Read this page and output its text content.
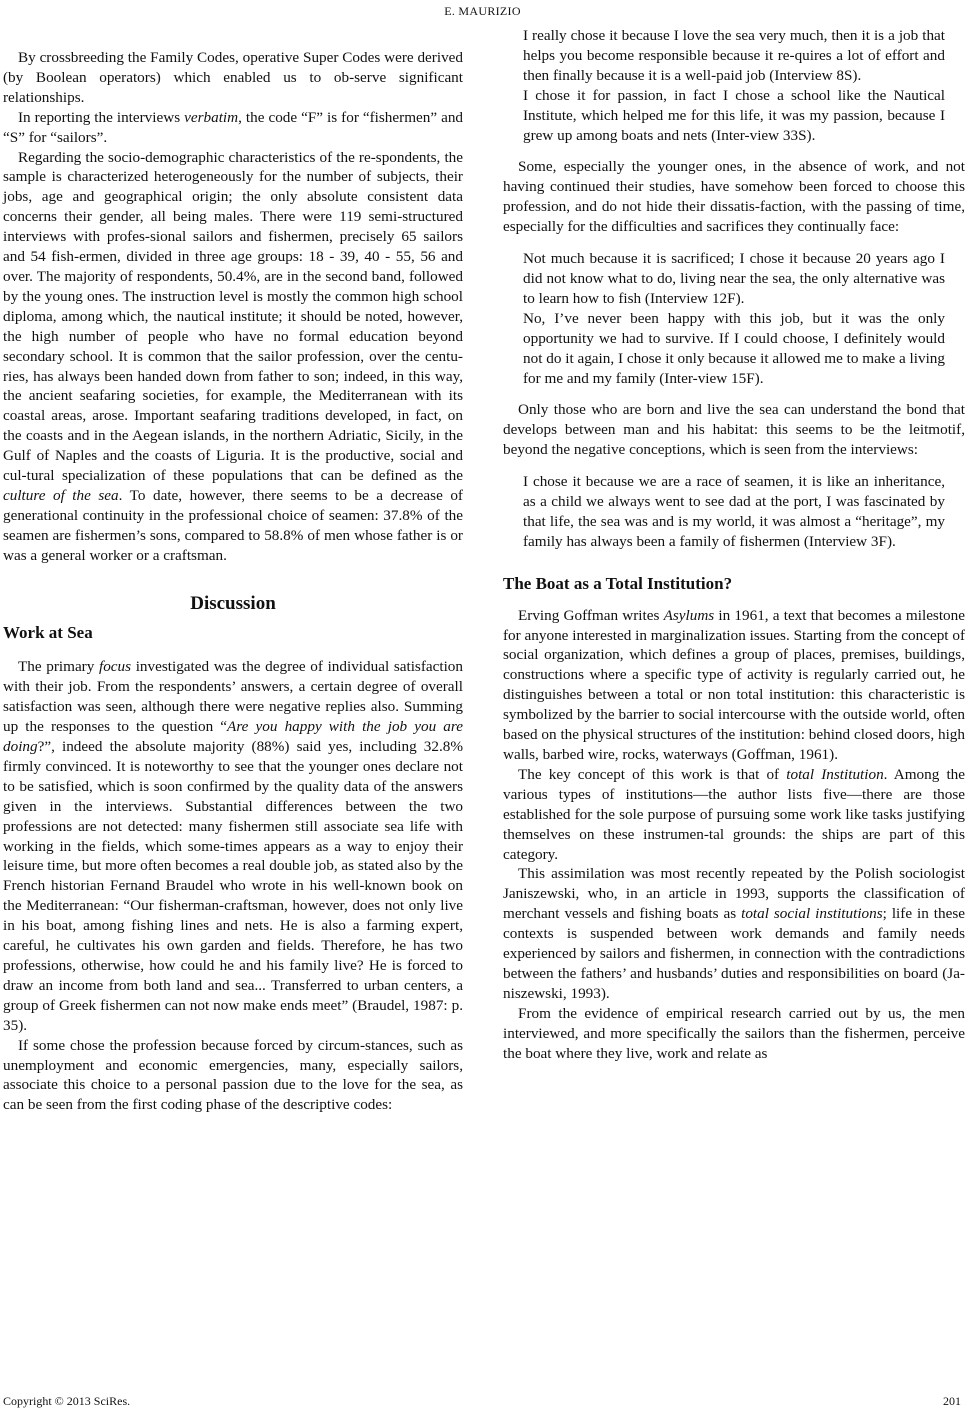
E. MAURIZIO

By crossbreeding the Family Codes, operative Super Codes were derived (by Boolean operators) which enabled us to ob-serve significant relationships.

In reporting the interviews verbatim, the code “F” is for “fishermen” and “S” for “sailors”.

Regarding the socio-demographic characteristics of the re-spondents, the sample is characterized heterogeneously for the number of subjects, their jobs, age and geographical origin; the only absolute consistent data concerns their gender, all being males. There were 119 semi-structured interviews with profes-sional sailors and fishermen, precisely 65 sailors and 54 fish-ermen, divided in three age groups: 18 - 39, 40 - 55, 56 and over. The majority of respondents, 50.4%, are in the second band, followed by the young ones. The instruction level is mostly the common high school diploma, among which, the nautical institute; it should be noted, however, the high number of people who have no formal education beyond secondary school. It is common that the sailor profession, over the centu-ries, has always been handed down from father to son; indeed, in this way, the ancient seafaring societies, for example, the Mediterranean with its coastal areas, arose. Important seafaring traditions developed, in fact, on the coasts and in the Aegean islands, in the northern Adriatic, Sicily, in the Gulf of Naples and the coasts of Liguria. It is the productive, social and cul-tural specialization of these populations that can be defined as the culture of the sea. To date, however, there seems to be a decrease of generational continuity in the professional choice of seamen: 37.8% of the seamen are fishermen’s sons, compared to 58.8% of men whose father is or was a general worker or a craftsman.

Discussion
Work at Sea

The primary focus investigated was the degree of individual satisfaction with their job. From the respondents’ answers, a certain degree of overall satisfaction was seen, although there were negative replies also. Summing up the responses to the question “Are you happy with the job you are doing?”, indeed the absolute majority (88%) said yes, including 32.8% firmly convinced. It is noteworthy to see that the younger ones declare not to be satisfied, which is soon confirmed by the quality data of the answers given in the interviews. Substantial differences between the two professions are not detected: many fishermen still associate sea life with working in the fields, which some-times appears as a way to enjoy their leisure time, but more often becomes a real double job, as stated also by the French historian Fernand Braudel who wrote in his well-known book on the Mediterranean: “Our fisherman-craftsman, however, does not only live in his boat, among fishing lines and nets. He is also a farming expert, careful, he cultivates his own garden and fields. Therefore, he has two professions, otherwise, how could he and his family live? He is forced to draw an income from both land and sea... Transferred to urban centers, a group of Greek fishermen can not now make ends meet” (Braudel, 1987: p. 35).

If some chose the profession because forced by circum-stances, such as unemployment and economic emergencies, many, especially sailors, associate this choice to a personal passion due to the love for the sea, as can be seen from the first coding phase of the descriptive codes:

I really chose it because I love the sea very much, then it is a job that helps you become responsible because it re-quires a lot of effort and then finally because it is a well-paid job (Interview 8S).

I chose it for passion, in fact I chose a school like the Nautical Institute, which helped me for this life, it was my passion, because I grew up among boats and nets (Inter-view 33S).

Some, especially the younger ones, in the absence of work, and not having continued their studies, have somehow been forced to choose this profession, and do not hide their dissatis-faction, with the passing of time, especially for the difficulties and sacrifices they continually face:

Not much because it is sacrificed; I chose it because 20 years ago I did not know what to do, living near the sea, the only alternative was to learn how to fish (Interview 12F).

No, I’ve never been happy with this job, but it was the only opportunity we had to survive. If I could choose, I definitely would not do it again, I chose it only because it allowed me to make a living for me and my family (Inter-view 15F).

Only those who are born and live the sea can understand the bond that develops between man and his habitat: this seems to be the leitmotif, beyond the negative conceptions, which is seen from the interviews:

I chose it because we are a race of seamen, it is like an inheritance, as a child we always went to see dad at the port, I was fascinated by that life, the sea was and is my world, it was almost a “heritage”, my family has always been a family of fishermen (Interview 3F).

The Boat as a Total Institution?

Erving Goffman writes Asylums in 1961, a text that becomes a milestone for anyone interested in marginalization issues. Starting from the concept of social organization, which defines a group of places, premises, buildings, constructions where a specific type of activity is regularly carried out, he distinguishes between a total or non total institution: this characteristic is symbolized by the barrier to social intercourse with the outside world, often based on the physical structures of the institution: behind closed doors, high walls, barbed wire, rocks, waterways (Goffman, 1961).

The key concept of this work is that of total Institution. Among the various types of institutions—the author lists five—there are those established for the sole purpose of pursuing some work like tasks justifying themselves on these instrumen-tal grounds: the ships are part of this category.

This assimilation was most recently repeated by the Polish sociologist Janiszewski, who, in an article in 1993, supports the classification of merchant vessels and fishing boats as total social institutions; life in these contexts is suspended between work demands and family needs experienced by sailors and fishermen, in connection with the contradictions between the fathers’ and husbands’ duties and responsibilities on board (Ja-niszewski, 1993).

From the evidence of empirical research carried out by us, the men interviewed, and more specifically the sailors than the fishermen, perceive the boat where they live, work and relate as

Copyright © 2013 SciRes.	201
